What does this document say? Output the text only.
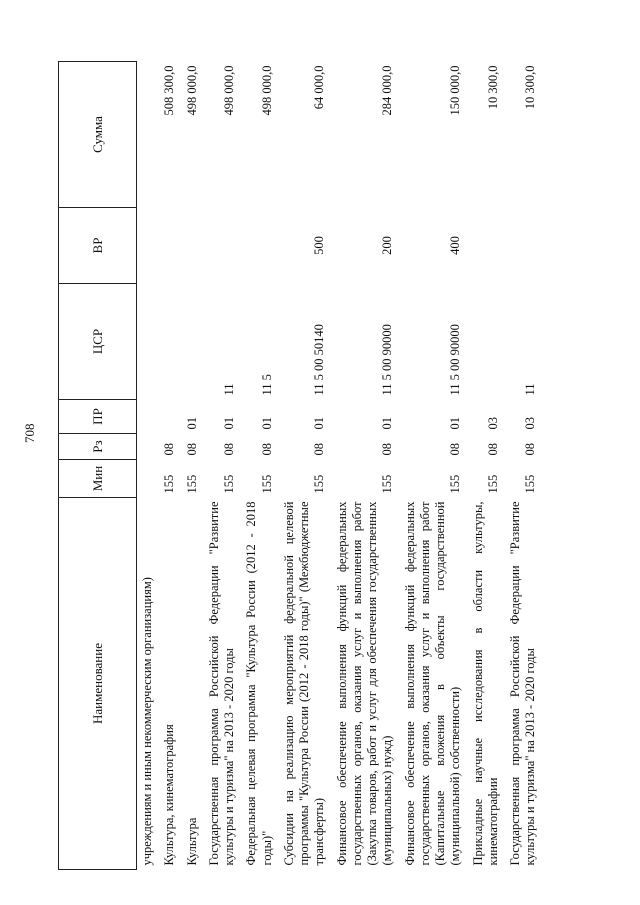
708
Наименование	Мин	Рз	ПР	ЦСР	ВР	Сумма
учреждениям и иным некоммерческим организациям)						
Культура, кинематография	155	08				508 300,0
Культура	155	08	01			498 000,0
Государственная программа Российской Федерации "Развитие культуры и туризма" на 2013 - 2020 годы	155	08	01	11		498 000,0
Федеральная целевая программа "Культура России (2012 - 2018 годы)"	155	08	01	11 5		498 000,0
Субсидии на реализацию мероприятий федеральной целевой программы "Культура России (2012 - 2018 годы)" (Межбюджетные трансферты)	155	08	01	11 5 00 50140	500	64 000,0
Финансовое обеспечение выполнения функций федеральных государственных органов, оказания услуг и выполнения работ (Закупка товаров, работ и услуг для обеспечения государственных (муниципальных) нужд)	155	08	01	11 5 00 90000	200	284 000,0
Финансовое обеспечение выполнения функций федеральных государственных органов, оказания услуг и выполнения работ (Капитальные вложения в объекты государственной (муниципальной) собственности)	155	08	01	11 5 00 90000	400	150 000,0
Прикладные научные исследования в области культуры, кинематографии	155	08	03			10 300,0
Государственная программа Российской Федерации "Развитие культуры и туризма" на 2013 - 2020 годы	155	08	03	11		10 300,0
